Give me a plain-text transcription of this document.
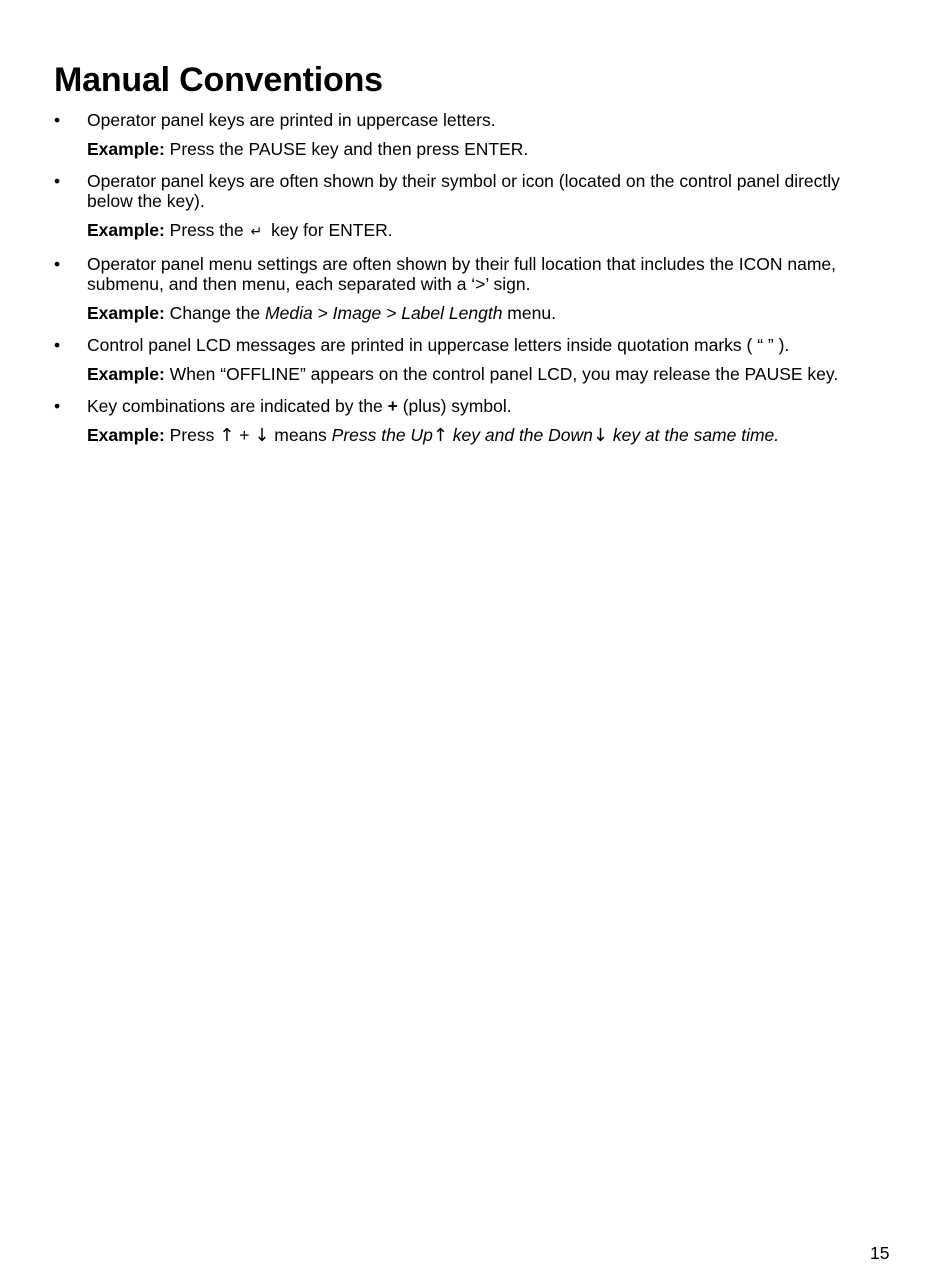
Manual Conventions
• Operator panel keys are printed in uppercase letters.

Example: Press the PAUSE key and then press ENTER.

• Operator panel keys are often shown by their symbol or icon (located on the control panel directly below the key).

Example: Press the ↵ key for ENTER.

• Operator panel menu settings are often shown by their full location that includes the ICON name, submenu, and then menu, each separated with a ‘>’ sign.

Example: Change the Media > Image > Label Length menu.

• Control panel LCD messages are printed in uppercase letters inside quotation marks ( “ ” ).

Example: When “OFFLINE” appears on the control panel LCD, you may release the PAUSE key.

• Key combinations are indicated by the + (plus) symbol.

Example: Press ↑ + ↓ means Press the Up↑ key and the Down↓ key at the same time.

15
